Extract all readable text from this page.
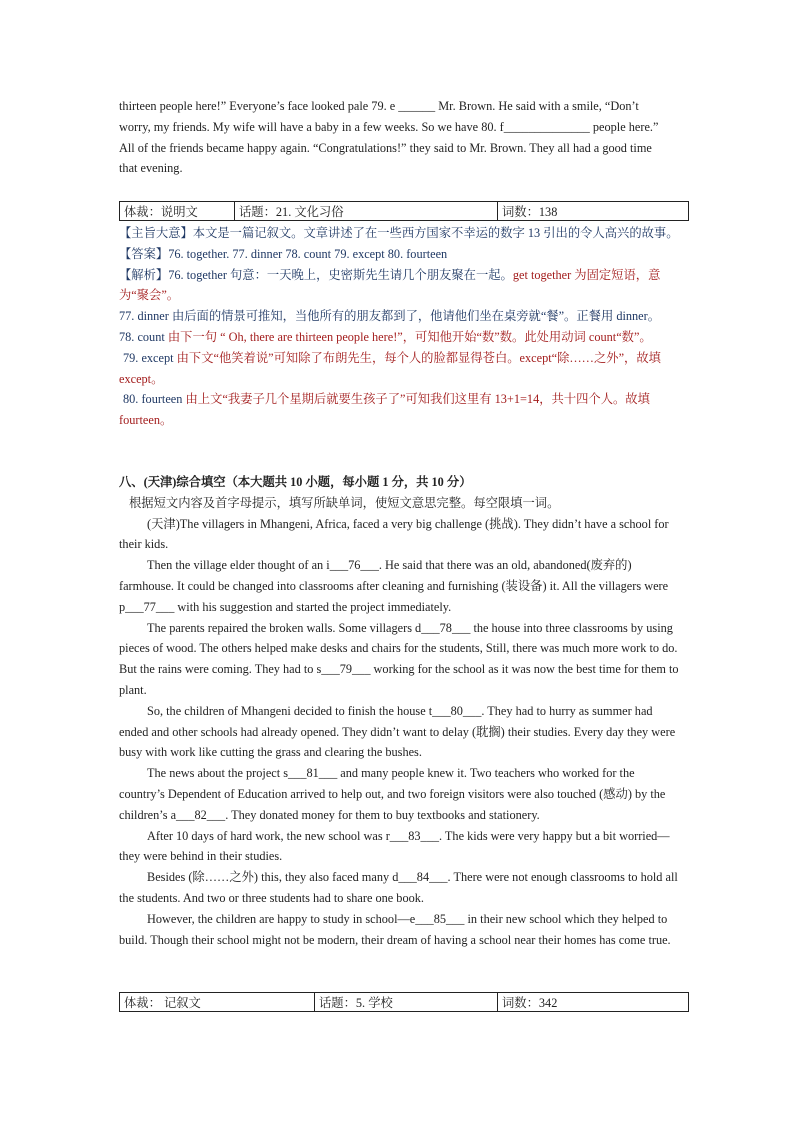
thirteen people here!” Everyone’s face looked pale 79. e ______ Mr. Brown. He said with a smile, “Don’t

worry, my friends. My wife will have a baby in a few weeks. So we have 80. f______________ people here.”

All of the friends became happy again. “Congratulations!” they said to Mr. Brown. They all had a good time

that evening.

体裁：说明文	话题：21. 文化习俗	词数：138

【主旨大意】本文是一篇记叙文。文章讲述了在一些西方国家不幸运的数字 13 引出的令人高兴的故事。

【答案】76. together. 77. dinner 78. count 79. except 80. fourteen

【解析】76. together 句意：一天晚上，史密斯先生请几个朋友聚在一起。get together 为固定短语，意为“聚会”。

77. dinner 由后面的情景可推知，当他所有的朋友都到了，他请他们坐在桌旁就“餐”。正餐用 dinner。

78. count 由下一句 “ Oh, there are thirteen people here!”，可知他开始“数”数。此处用动词 count“数”。

79. except 由下文“他笑着说”可知除了布朗先生，每个人的脸都显得苍白。except“除……之外”，故填 except。

80. fourteen 由上文“我妻子几个星期后就要生孩子了”可知我们这里有 13+1=14，共十四个人。故填 fourteen。

八、(天津)综合填空（本大题共 10 小题，每小题 1 分，共 10 分）

根据短文内容及首字母提示，填写所缺单词，使短文意思完整。每空限填一词。

(天津)The villagers in Mhangeni, Africa, faced a very big challenge (挑战). They didn’t have a school for their kids.

Then the village elder thought of an i___76___. He said that there was an old, abandoned(废弃的) farmhouse. It could be changed into classrooms after cleaning and furnishing (装设备) it. All the villagers were p___77___ with his suggestion and started the project immediately.

The parents repaired the broken walls. Some villagers d___78___ the house into three classrooms by using pieces of wood. The others helped make desks and chairs for the students, Still, there was much more work to do. But the rains were coming. They had to s___79___ working for the school as it was now the best time for them to plant.

So, the children of Mhangeni decided to finish the house t___80___. They had to hurry as summer had ended and other schools had already opened. They didn’t want to delay (耽搁) their studies. Every day they were busy with work like cutting the grass and clearing the bushes.

The news about the project s___81___ and many people knew it. Two teachers who worked for the country’s Dependent of Education arrived to help out, and two foreign visitors were also touched (感动) by the children’s a___82___. They donated money for them to buy textbooks and stationery.

After 10 days of hard work, the new school was r___83___. The kids were very happy but a bit worried—they were behind in their studies.

Besides (除……之外) this, they also faced many d___84___. There were not enough classrooms to hold all the students. And two or three students had to share one book.

However, the children are happy to study in school—e___85___ in their new school which they helped to build. Though their school might not be modern, their dream of having a school near their homes has come true.

体裁： 记叙文	话题：5. 学校	词数：342
